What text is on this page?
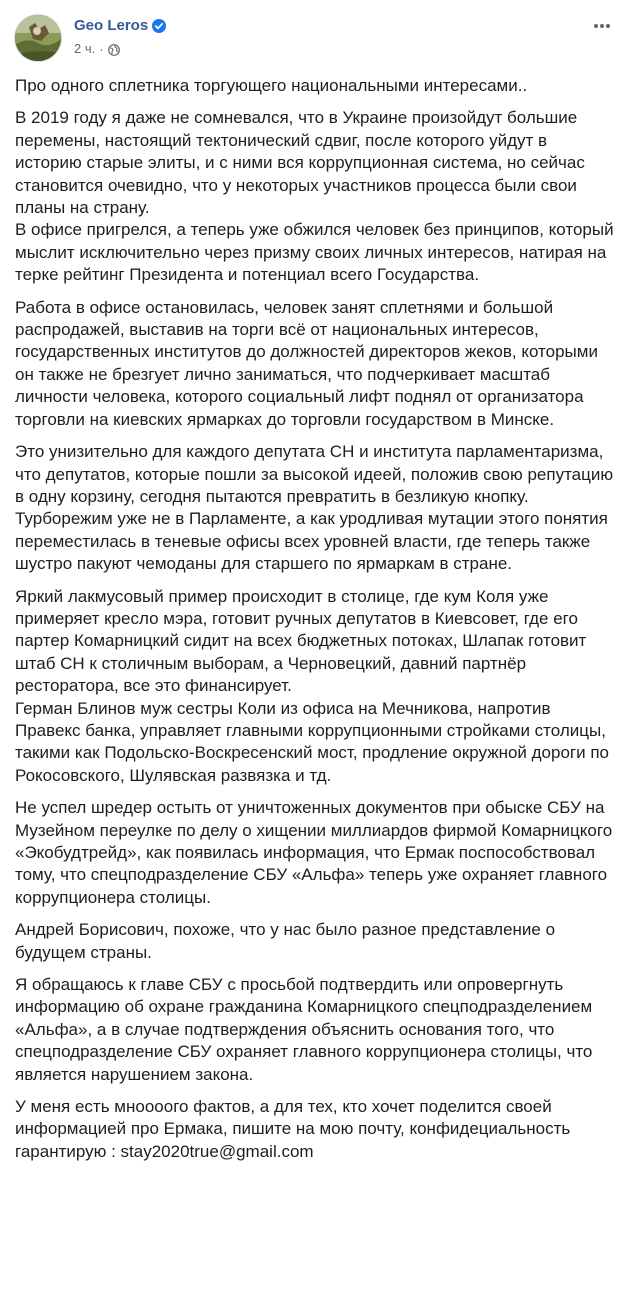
Geo Leros
2 ч. ·

Про одного сплетника торгующего национальными интересами..

В 2019 году я даже не сомневался, что в Украине произойдут большие перемены, настоящий тектонический сдвиг, после которого уйдут в историю старые элиты, и с ними вся коррупционная система, но сейчас становится очевидно, что у некоторых участников процесса были свои планы на страну.
В офисе пригрелся, а теперь уже обжился человек без принципов, который мыслит исключительно через призму своих личных интересов, натирая на терке рейтинг Президента и потенциал всего Государства.

Работа в офисе остановилась, человек занят сплетнями и большой распродажей, выставив на торги всё от национальных интересов, государственных институтов до должностей директоров жеков, которыми он также не брезгует лично заниматься, что подчеркивает масштаб личности человека, которого социальный лифт поднял от организатора торговли на киевских ярмарках до торговли государством в Минске.

Это унизительно для каждого депутата СН и института парламентаризма, что депутатов, которые пошли за высокой идеей, положив свою репутацию в одну корзину, сегодня пытаются превратить в безликую кнопку.
Турборежим уже не в Парламенте, а как уродливая мутации этого понятия переместилась в теневые офисы всех уровней власти, где теперь также шустро пакуют чемоданы для старшего по ярмаркам в стране.

Яркий лакмусовый пример происходит в столице, где кум Коля уже примеряет кресло мэра, готовит ручных депутатов в Киевсовет, где его партер Комарницкий сидит на всех бюджетных потоках, Шлапак готовит штаб СН к столичным выборам, а Черновецкий, давний партнёр ресторатора, все это финансирует.
Герман Блинов муж сестры Коли из офиса на Мечникова, напротив Правекс банка, управляет главными коррупционными стройками столицы, такими как Подольско-Воскресенский мост, продление окружной дороги по Рокосовского, Шулявская развязка и тд.

Не успел шредер остыть от уничтоженных документов при обыске СБУ на Музейном переулке по делу о хищении миллиардов фирмой Комарницкого «Экобудтрейд», как появилась информация, что Ермак поспособствовал тому, что спецподразделение СБУ «Альфа» теперь уже охраняет главного коррупционера столицы.

Андрей Борисович, похоже, что у нас было разное представление о будущем страны.

Я обращаюсь к главе СБУ с просьбой подтвердить или опровергнуть информацию об охране гражданина Комарницкого спецподразделением «Альфа», а в случае подтверждения объяснить основания того, что спецподразделение СБУ охраняет главного коррупционера столицы, что является нарушением закона.

У меня есть мноооого фактов, а для тех, кто хочет поделится своей информацией про Ермака, пишите на мою почту, конфидециальность гарантирую : stay2020true@gmail.com
